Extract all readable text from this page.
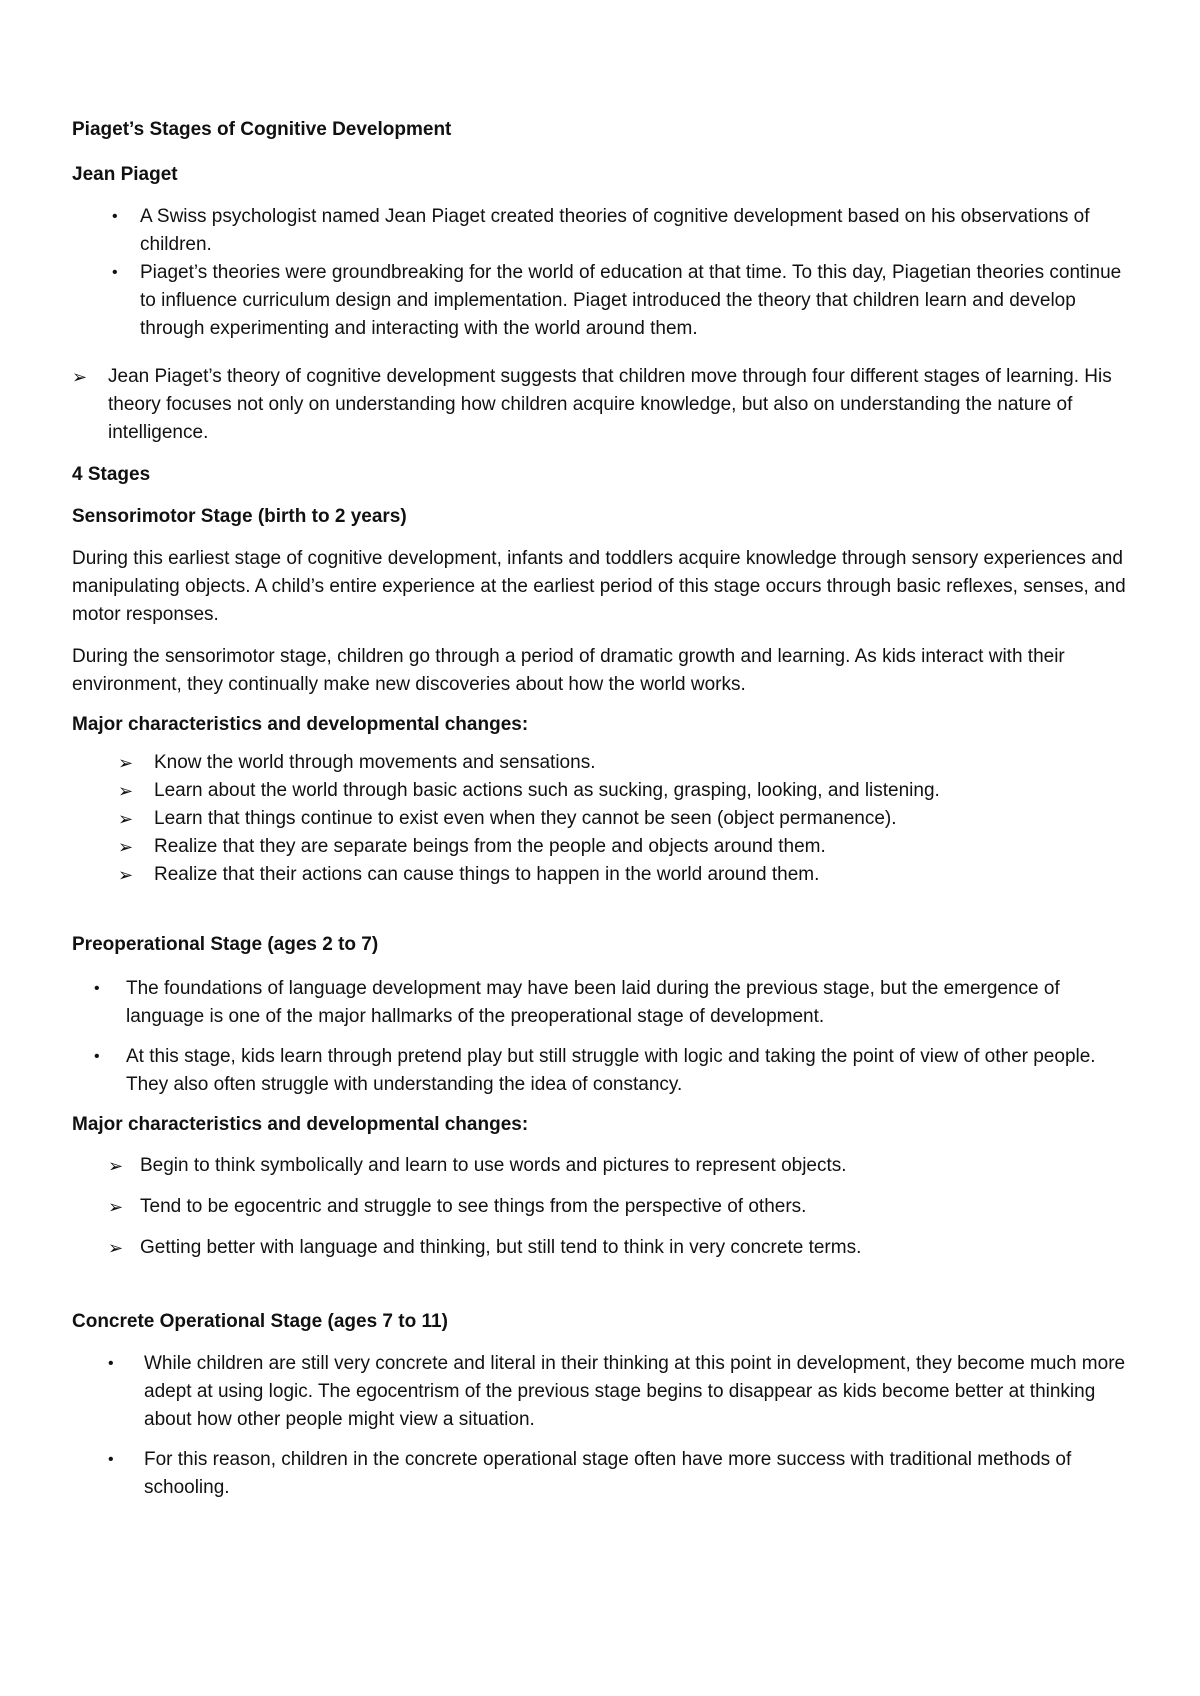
Piaget’s Stages of Cognitive Development

Jean Piaget

• A Swiss psychologist named Jean Piaget created theories of cognitive development based on his observations of children.
• Piaget’s theories were groundbreaking for the world of education at that time. To this day, Piagetian theories continue to influence curriculum design and implementation. Piaget introduced the theory that children learn and develop through experimenting and interacting with the world around them.
➢ Jean Piaget’s theory of cognitive development suggests that children move through four different stages of learning. His theory focuses not only on understanding how children acquire knowledge, but also on understanding the nature of intelligence.

4 Stages

Sensorimotor Stage (birth to 2 years)

During this earliest stage of cognitive development, infants and toddlers acquire knowledge through sensory experiences and manipulating objects. A child’s entire experience at the earliest period of this stage occurs through basic reflexes, senses, and motor responses.

During the sensorimotor stage, children go through a period of dramatic growth and learning. As kids interact with their environment, they continually make new discoveries about how the world works.

Major characteristics and developmental changes:

➢ Know the world through movements and sensations.
➢ Learn about the world through basic actions such as sucking, grasping, looking, and listening.
➢ Learn that things continue to exist even when they cannot be seen (object permanence).
➢ Realize that they are separate beings from the people and objects around them.
➢ Realize that their actions can cause things to happen in the world around them.

Preoperational Stage (ages 2 to 7)

• The foundations of language development may have been laid during the previous stage, but the emergence of language is one of the major hallmarks of the preoperational stage of development.
• At this stage, kids learn through pretend play but still struggle with logic and taking the point of view of other people. They also often struggle with understanding the idea of constancy.

Major characteristics and developmental changes:

➢ Begin to think symbolically and learn to use words and pictures to represent objects.
➢ Tend to be egocentric and struggle to see things from the perspective of others.
➢ Getting better with language and thinking, but still tend to think in very concrete terms.

Concrete Operational Stage (ages 7 to 11)

• While children are still very concrete and literal in their thinking at this point in development, they become much more adept at using logic. The egocentrism of the previous stage begins to disappear as kids become better at thinking about how other people might view a situation.
• For this reason, children in the concrete operational stage often have more success with traditional methods of schooling.
